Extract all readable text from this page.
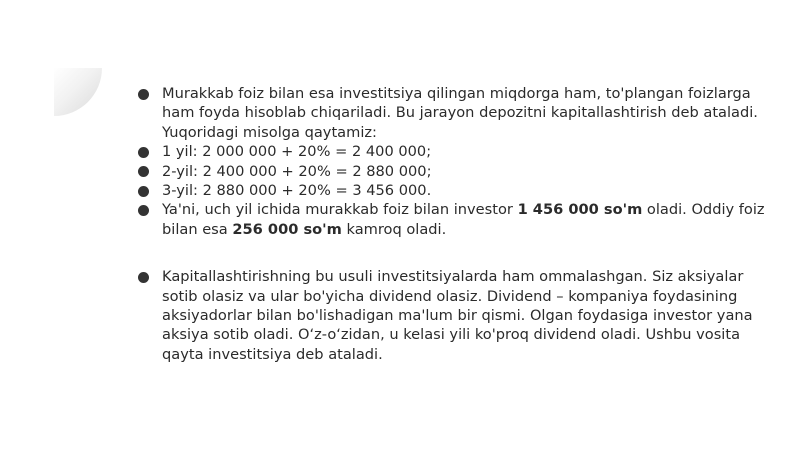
Murakkab foiz bilan esa investitsiya qilingan miqdorga ham, to'plangan foizlarga ham foyda hisoblab chiqariladi. Bu jarayon depozitni kapitallashtirish deb ataladi. Yuqoridagi misolga qaytamiz:
1 yil: 2 000 000 + 20% = 2 400 000;
2-yil: 2 400 000 + 20% = 2 880 000;
3-yil: 2 880 000 + 20% = 3 456 000.
Ya'ni, uch yil ichida murakkab foiz bilan investor 1 456 000 so'm oladi. Oddiy foiz bilan esa 256 000 so'm kamroq oladi.
Kapitallashtirishning bu usuli investitsiyalarda ham ommalashgan. Siz aksiyalar sotib olasiz va ular bo'yicha dividend olasiz. Dividend – kompaniya foydasining aksiyadorlar bilan bo'lishadigan ma'lum bir qismi. Olgan foydasiga investor yana aksiya sotib oladi. O‘z-o‘zidan, u kelasi yili ko'proq dividend oladi. Ushbu vosita qayta investitsiya deb ataladi.
